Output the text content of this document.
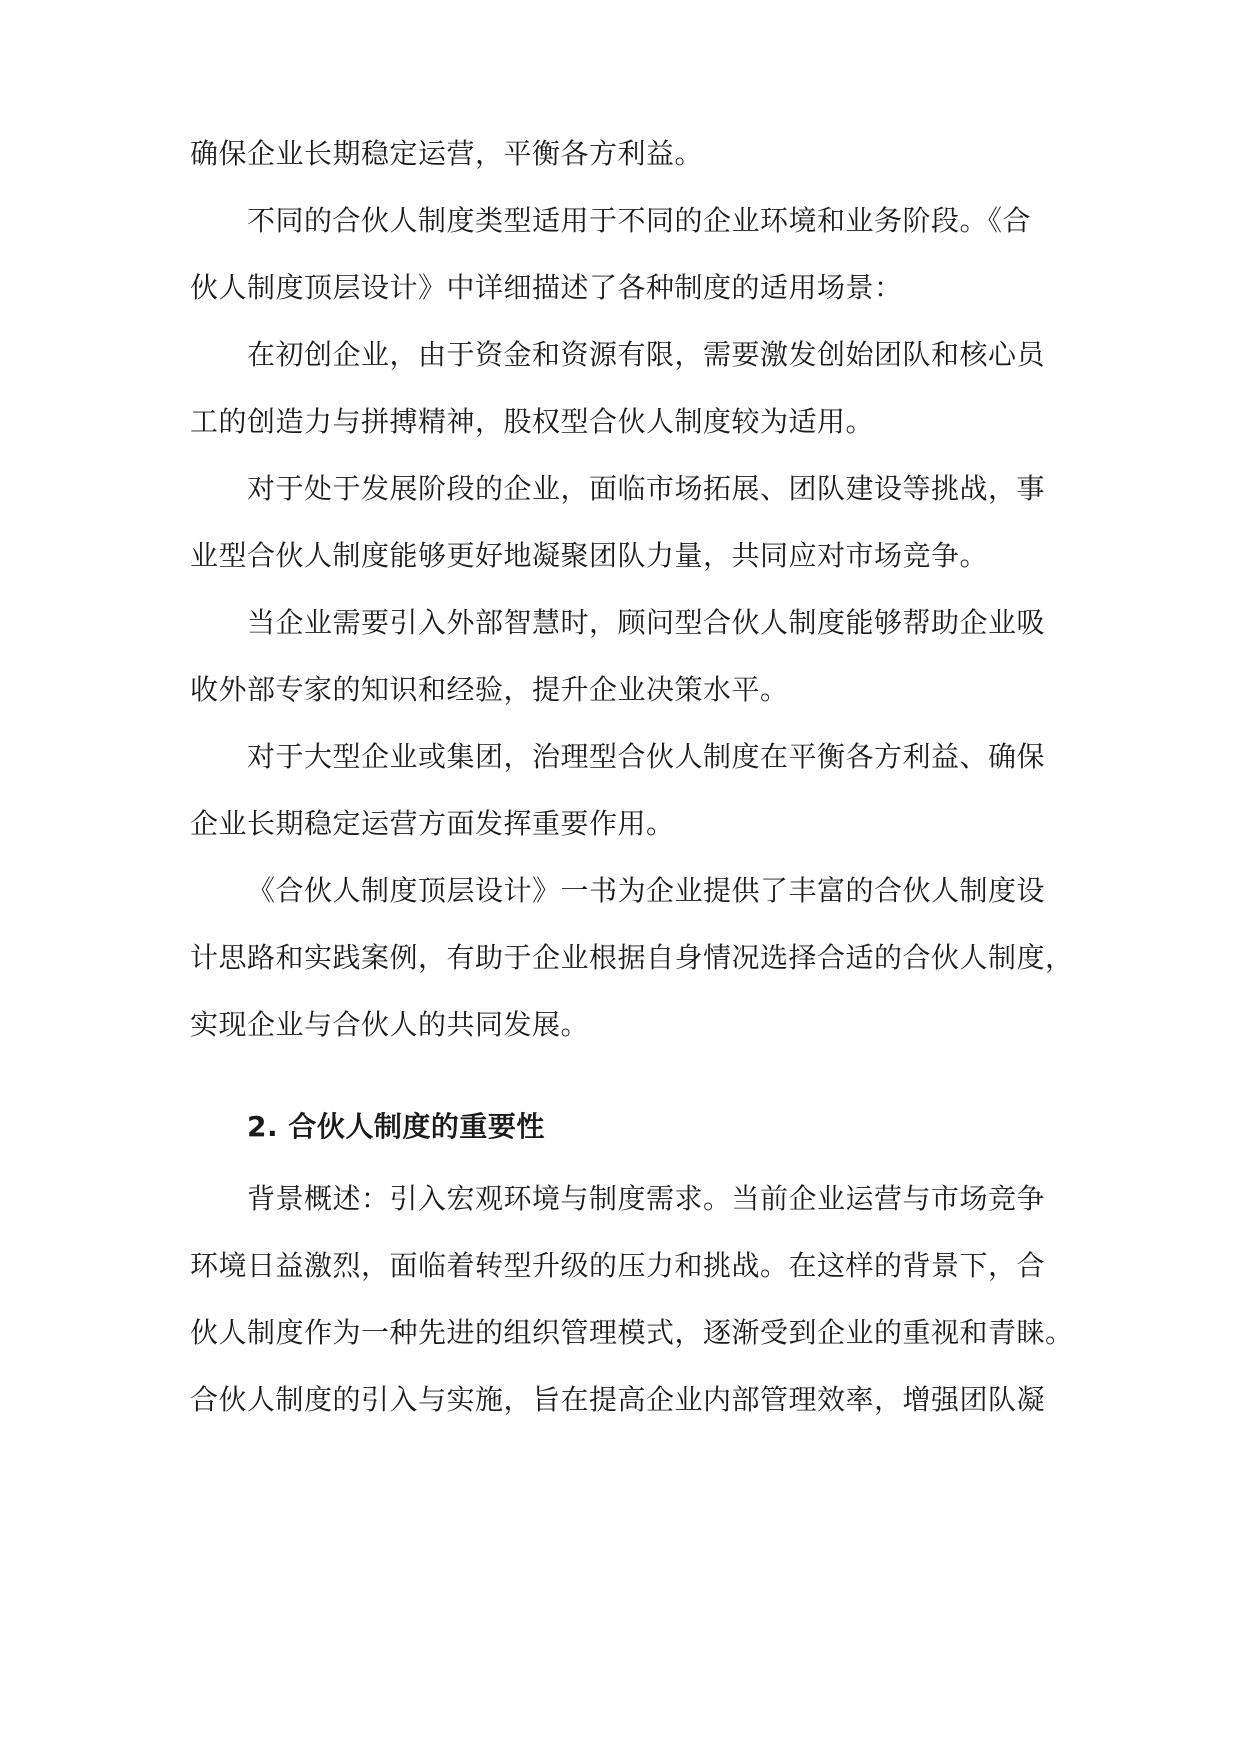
确保企业长期稳定运营，平衡各方利益。
不同的合伙人制度类型适用于不同的企业环境和业务阶段。《合
伙人制度顶层设计》中详细描述了各种制度的适用场景：
在初创企业，由于资金和资源有限，需要激发创始团队和核心员
工的创造力与拼搏精神，股权型合伙人制度较为适用。
对于处于发展阶段的企业，面临市场拓展、团队建设等挑战，事
业型合伙人制度能够更好地凝聚团队力量，共同应对市场竞争。
当企业需要引入外部智慧时，顾问型合伙人制度能够帮助企业吸
收外部专家的知识和经验，提升企业决策水平。
对于大型企业或集团，治理型合伙人制度在平衡各方利益、确保
企业长期稳定运营方面发挥重要作用。
《合伙人制度顶层设计》一书为企业提供了丰富的合伙人制度设
计思路和实践案例，有助于企业根据自身情况选择合适的合伙人制度，
实现企业与合伙人的共同发展。
2. 合伙人制度的重要性
背景概述：引入宏观环境与制度需求。当前企业运营与市场竞争
环境日益激烈，面临着转型升级的压力和挑战。在这样的背景下，合
伙人制度作为一种先进的组织管理模式，逐渐受到企业的重视和青睐。
合伙人制度的引入与实施，旨在提高企业内部管理效率，增强团队凝
